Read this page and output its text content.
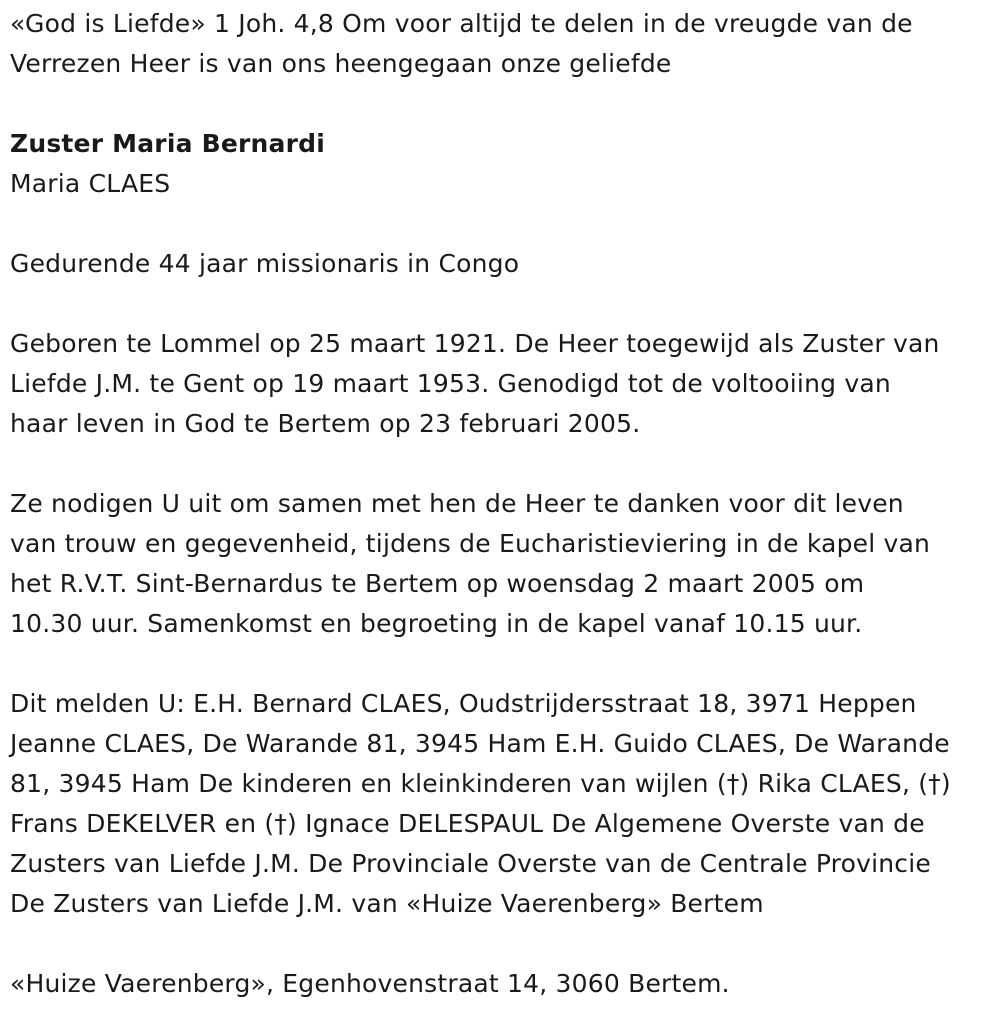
«God is Liefde» 1 Joh. 4,8 Om voor altijd te delen in de vreugde van de
Verrezen Heer is van ons heengegaan onze geliefde

Zuster Maria Bernardi

Maria CLAES

Gedurende 44 jaar missionaris in Congo

Geboren te Lommel op 25 maart 1921. De Heer toegewijd als Zuster van
Liefde J.M. te Gent op 19 maart 1953. Genodigd tot de voltooiing van
haar leven in God te Bertem op 23 februari 2005.

Ze nodigen U uit om samen met hen de Heer te danken voor dit leven
van trouw en gegevenheid, tijdens de Eucharistieviering in de kapel van
het R.V.T. Sint-Bernardus te Bertem op woensdag 2 maart 2005 om
10.30 uur. Samenkomst en begroeting in de kapel vanaf 10.15 uur.

Dit melden U: E.H. Bernard CLAES, Oudstrijdersstraat 18, 3971 Heppen
Jeanne CLAES, De Warande 81, 3945 Ham E.H. Guido CLAES, De Warande
81, 3945 Ham De kinderen en kleinkinderen van wijlen (†) Rika CLAES, (†)
Frans DEKELVER en (†) Ignace DELESPAUL De Algemene Overste van de
Zusters van Liefde J.M. De Provinciale Overste van de Centrale Provincie
De Zusters van Liefde J.M. van «Huize Vaerenberg» Bertem

«Huize Vaerenberg», Egenhovenstraat 14, 3060 Bertem.
